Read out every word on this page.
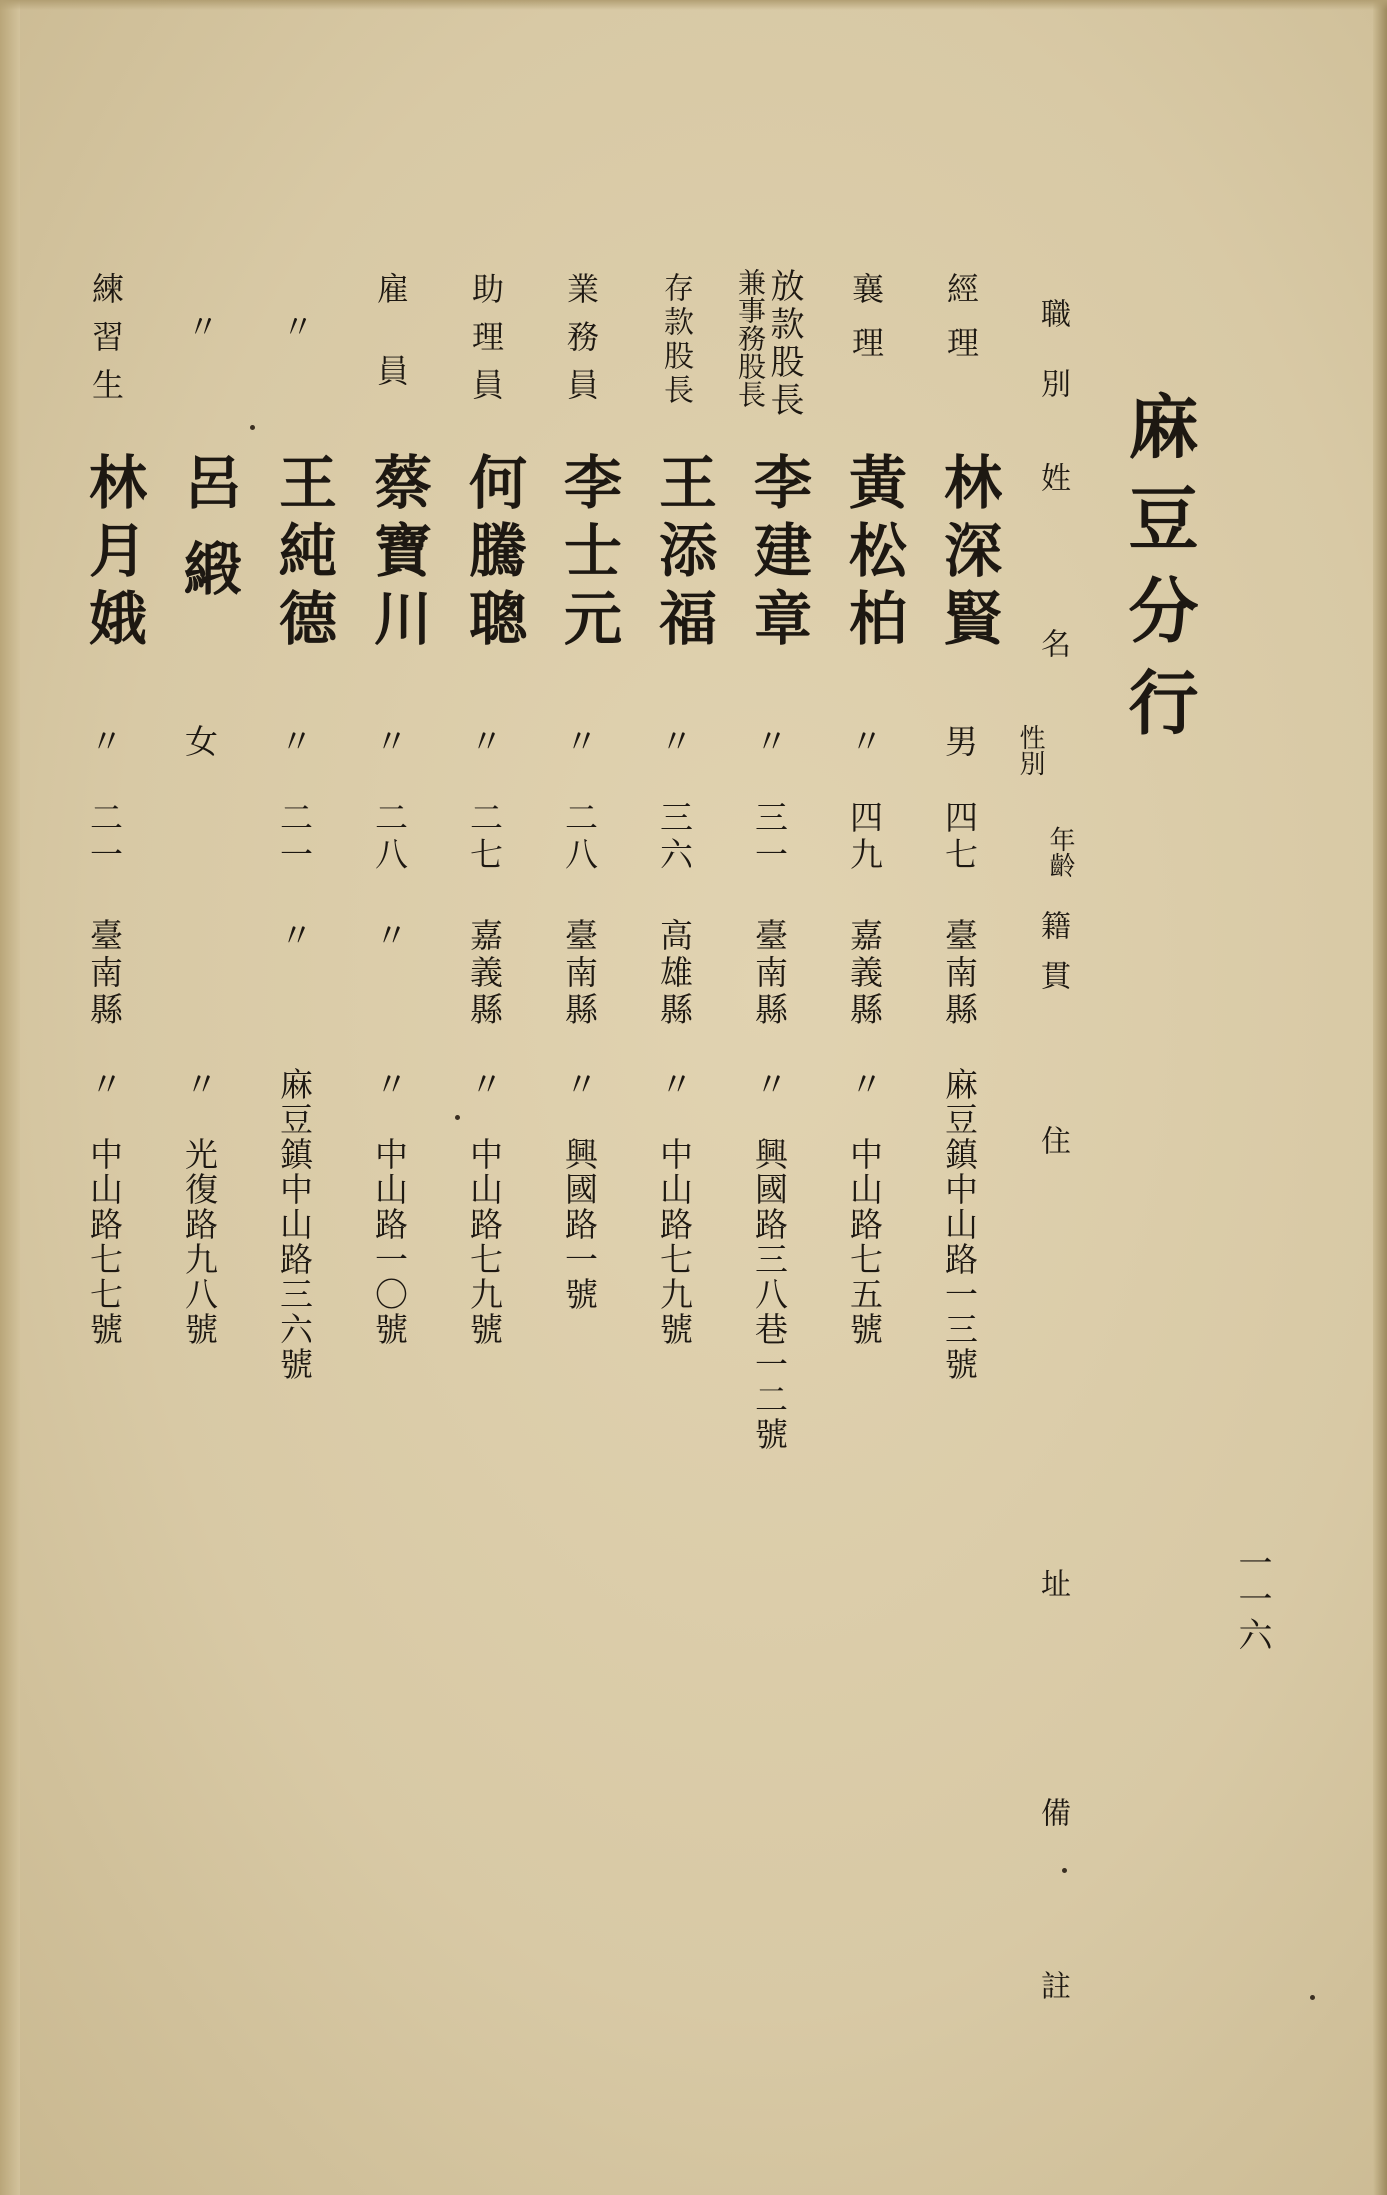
麻豆分行
一一六
職
別
姓
名
性別
年齡
籍貫
住
址
備
註
經理
林深賢
男
四七
臺南縣
麻豆鎮中山路一三號
襄理
黃松柏
〃
四九
嘉義縣
〃　中山路七五號
放款股長
兼事務股長
李建章
〃
三一
臺南縣
〃　興國路三八巷一二號
存款股長
王添福
〃
三六
高雄縣
〃　中山路七九號
業務員
李士元
〃
二八
臺南縣
〃　興國路一號
助理員
何騰聰
〃
二七
嘉義縣
〃　中山路七九號
雇員
蔡寶川
〃
二八
〃
〃　中山路一〇號
〃
王純德
〃
二一
〃
麻豆鎮中山路三六號
〃
呂緞
女
〃　光復路九八號
練習生
林月娥
〃
二一
臺南縣
〃　中山路七七號
